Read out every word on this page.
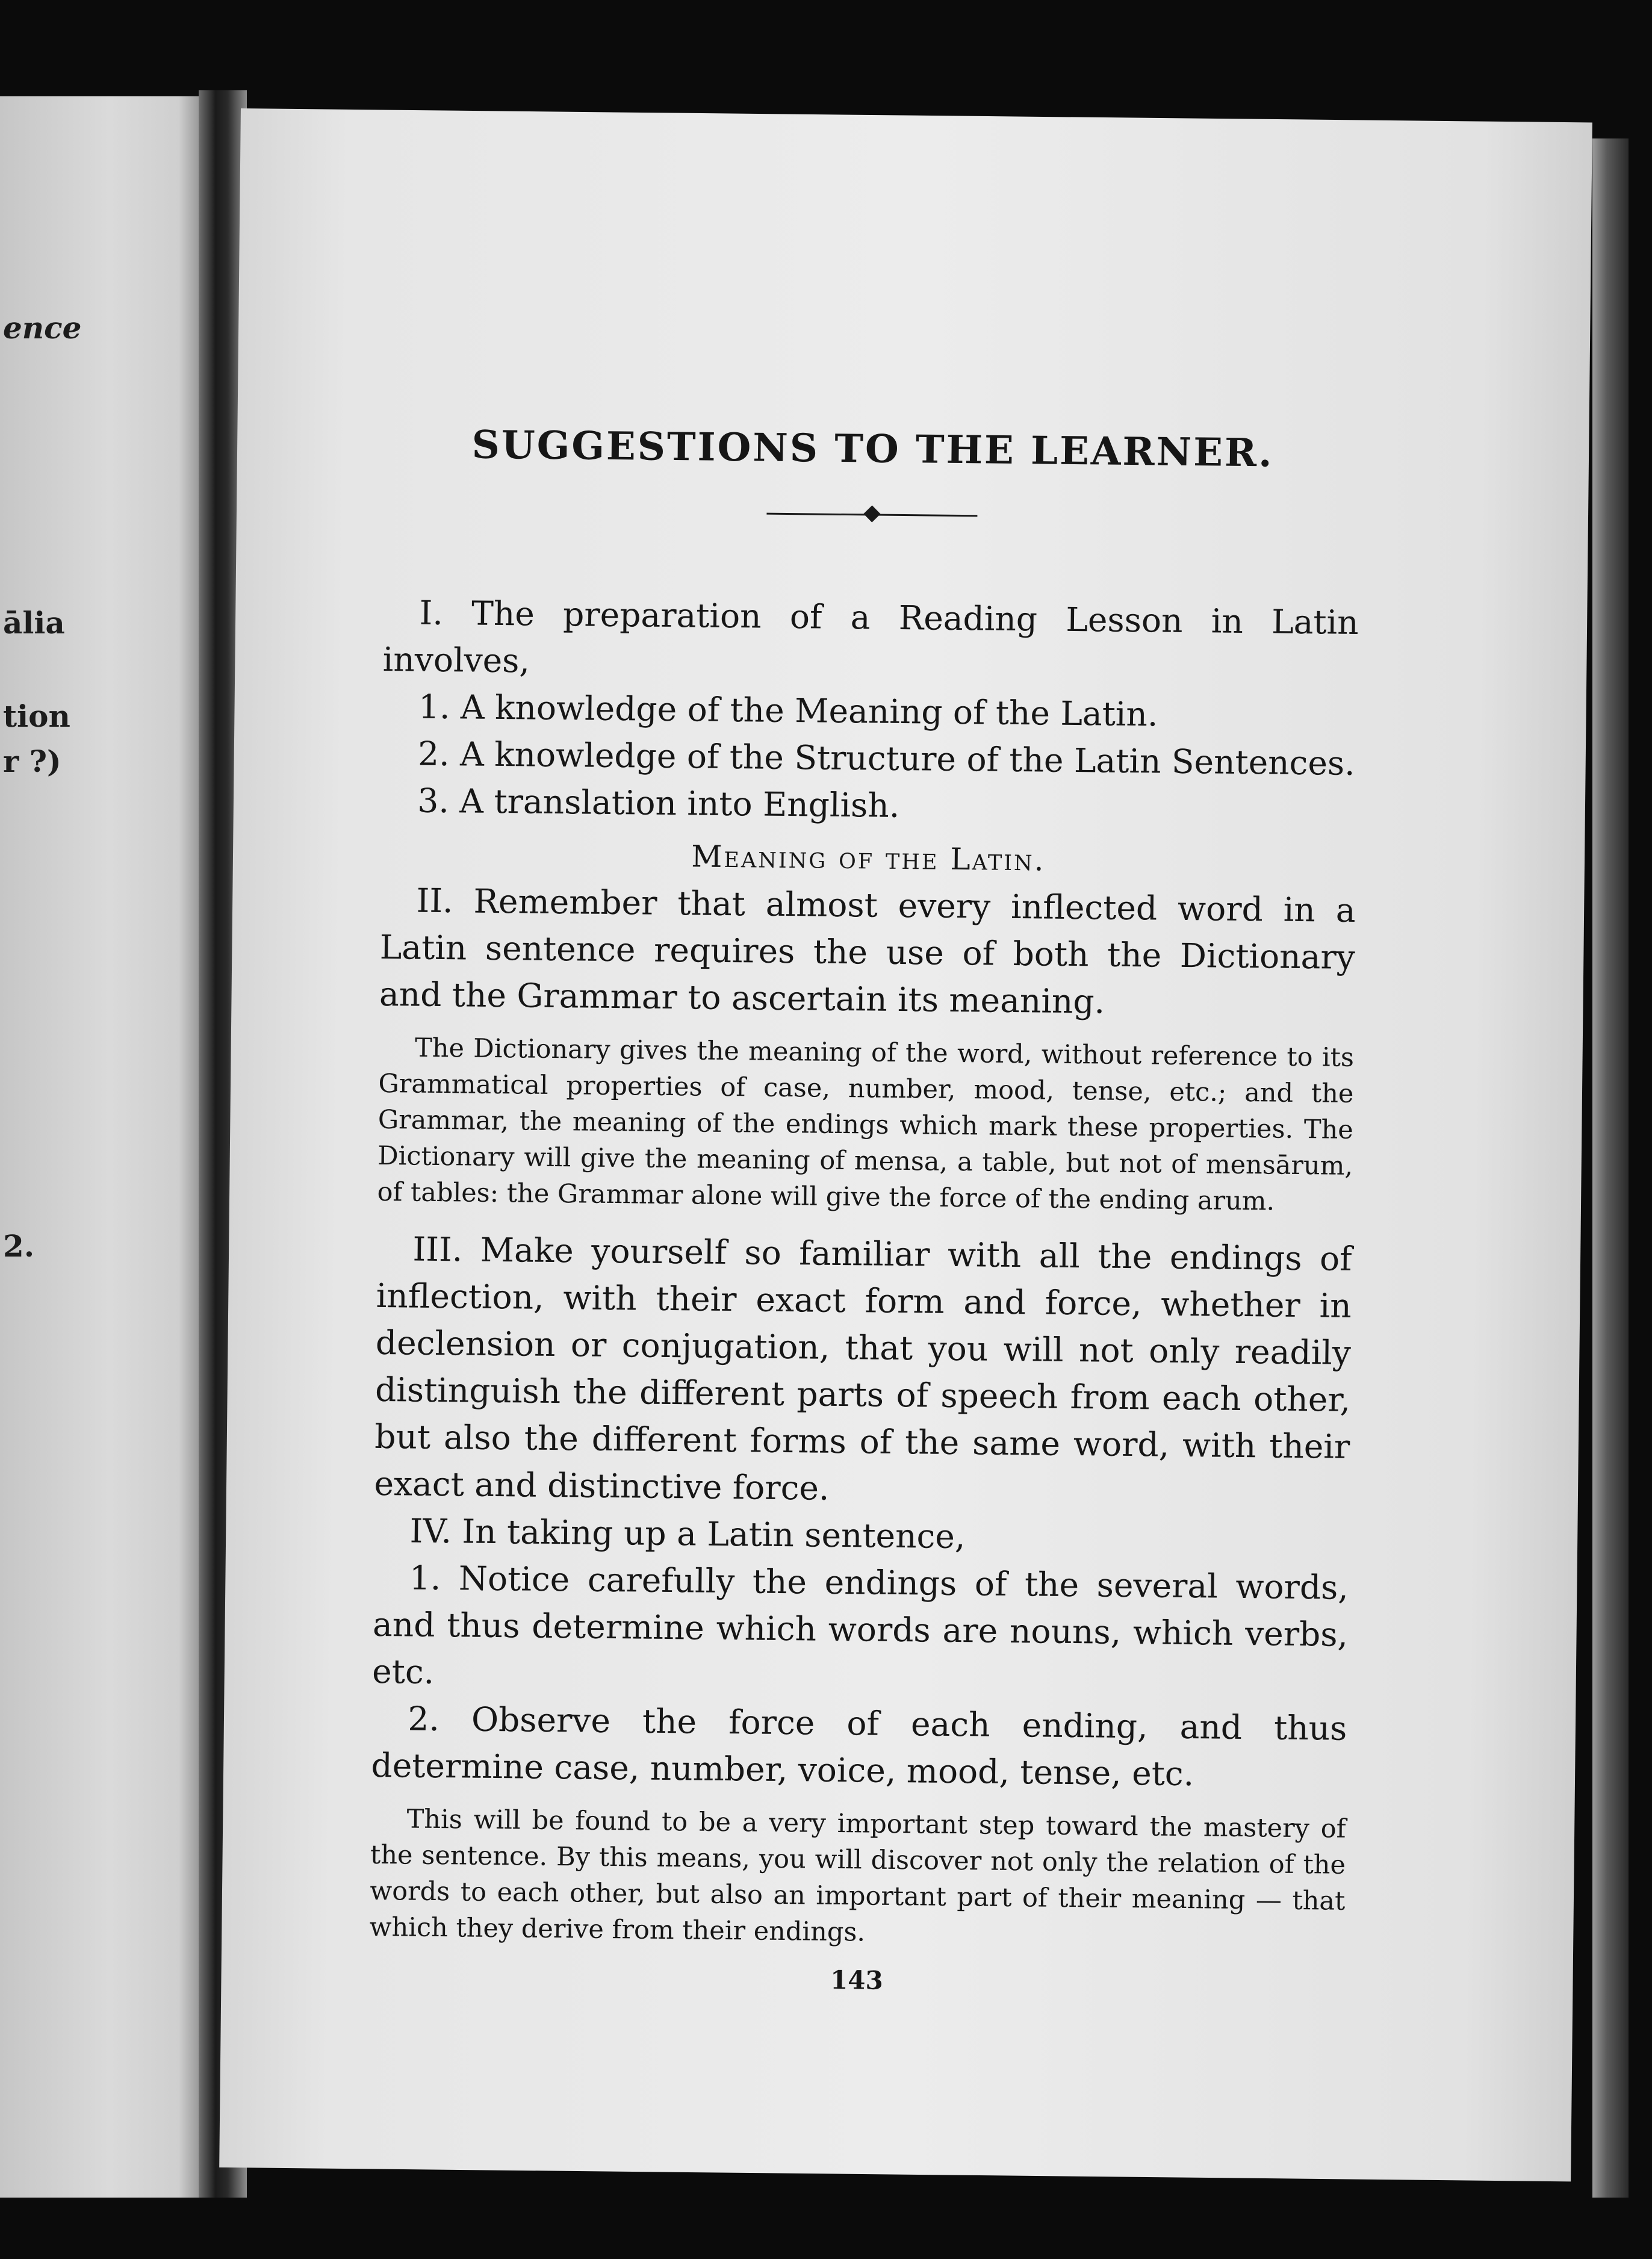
ence
ālia
tion
r ?)
2.
SUGGESTIONS TO THE LEARNER.

I. The preparation of a Reading Lesson in Latin involves,

1. A knowledge of the Meaning of the Latin.

2. A knowledge of the Structure of the Latin Sentences.

3. A translation into English.

Meaning of the Latin.

II. Remember that almost every inflected word in a Latin sentence requires the use of both the Dictionary and the Grammar to ascertain its meaning.

The Dictionary gives the meaning of the word, without reference to its Grammatical properties of case, number, mood, tense, etc.; and the Grammar, the meaning of the endings which mark these properties. The Dictionary will give the meaning of mensa, a table, but not of mensārum, of tables: the Grammar alone will give the force of the ending arum.

III. Make yourself so familiar with all the endings of inflection, with their exact form and force, whether in declension or conjugation, that you will not only readily distinguish the different parts of speech from each other, but also the different forms of the same word, with their exact and distinctive force.

IV. In taking up a Latin sentence,

1. Notice carefully the endings of the several words, and thus determine which words are nouns, which verbs, etc.

2. Observe the force of each ending, and thus determine case, number, voice, mood, tense, etc.

This will be found to be a very important step toward the mastery of the sentence. By this means, you will discover not only the relation of the words to each other, but also an important part of their meaning — that which they derive from their endings.

143
